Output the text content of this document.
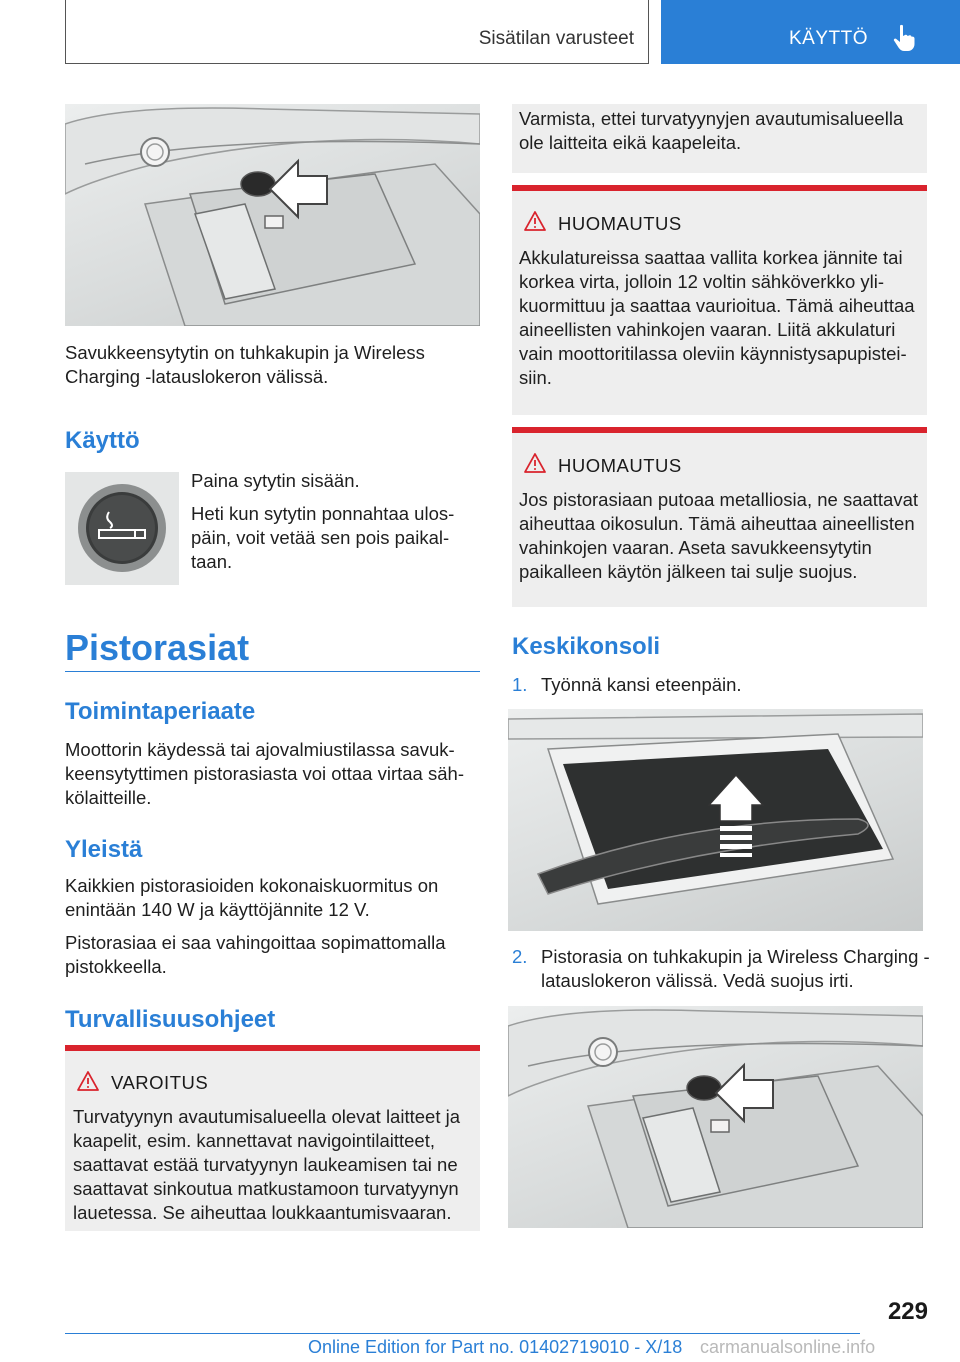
Sisätilan varusteet	KÄYTTÖ
Savukkeensytytin on tuhkakupin ja Wireless Charging -latauslokeron välissä.
Käyttö
Paina sytytin sisään.
Heti kun sytytin ponnahtaa ulospäin, voit vetää sen pois paikaltaan.
Pistorasiat
Toimintaperiaate
Moottorin käydessä tai ajovalmiustilassa savukkeensytyttimen pistorasiasta voi ottaa virtaa sähkölaitteille.
Yleistä
Kaikkien pistorasioiden kokonaiskuormitus on enintään 140 W ja käyttöjännite 12 V.
Pistorasiaa ei saa vahingoittaa sopimattomalla pistokkeella.
Turvallisuusohjeet
VAROITUS
Turvatyynyn avautumisalueella olevat laitteet ja kaapelit, esim. kannettavat navigointilaitteet, saattavat estää turvatyynyn laukeamisen tai ne saattavat sinkoutua matkustamoon turvatyynyn lauetessa. Se aiheuttaa loukkaantumisvaaran.
Varmista, ettei turvatyynyjen avautumisalueella ole laitteita eikä kaapeleita.
HUOMAUTUS
Akkulatureissa saattaa vallita korkea jännite tai korkea virta, jolloin 12 voltin sähköverkko ylikuormittuu ja saattaa vaurioitua. Tämä aiheuttaa aineellisten vahinkojen vaaran. Liitä akkulaturi vain moottoritilassa oleviin käynnistysapupisteisiin.
HUOMAUTUS
Jos pistorasiaan putoaa metalliosia, ne saattavat aiheuttaa oikosulun. Tämä aiheuttaa aineellisten vahinkojen vaaran. Aseta savukkeensytytin paikalleen käytön jälkeen tai sulje suojus.
Keskikonsoli
1. Työnnä kansi eteenpäin.
2. Pistorasia on tuhkakupin ja Wireless Charging -latauslokeron välissä. Vedä suojus irti.
229
Online Edition for Part no. 01402719010 - X/18 carmanualsonline.info
